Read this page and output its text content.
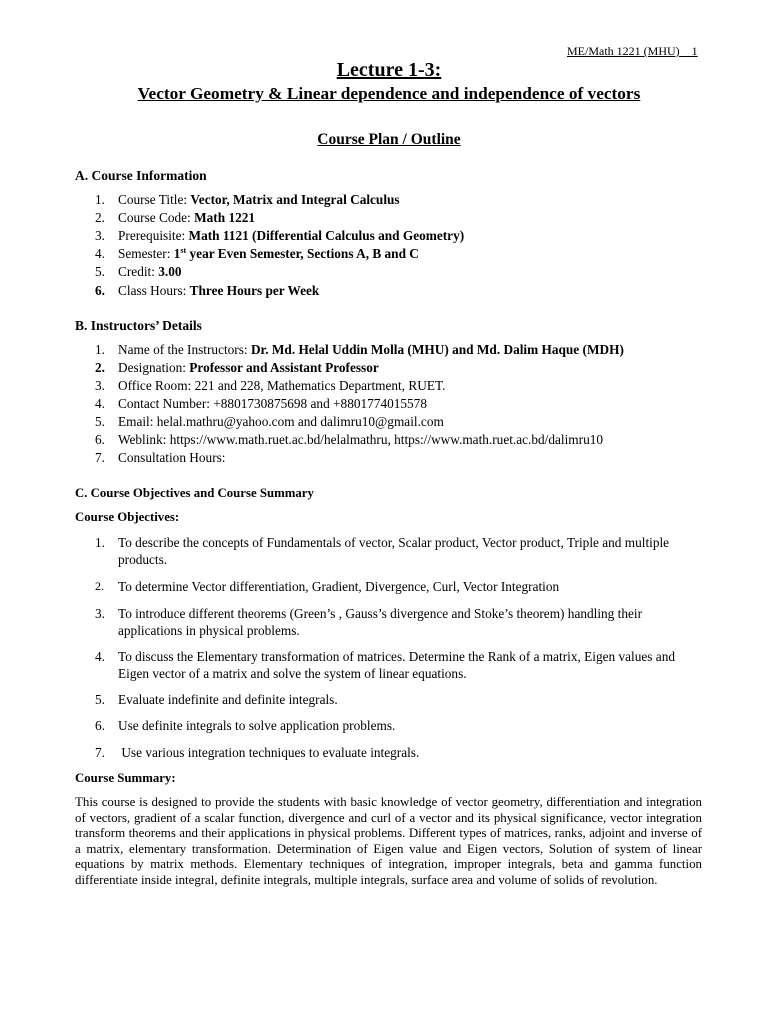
ME/Math 1221 (MHU)    1
Lecture 1-3:
Vector Geometry & Linear dependence and independence of vectors
Course Plan / Outline
A. Course Information
1. Course Title: Vector, Matrix and Integral Calculus
2. Course Code: Math 1221
3. Prerequisite: Math 1121 (Differential Calculus and Geometry)
4. Semester: 1st year Even Semester, Sections A, B and C
5. Credit: 3.00
6. Class Hours: Three Hours per Week
B. Instructors’ Details
1. Name of the Instructors: Dr. Md. Helal Uddin Molla (MHU) and Md. Dalim Haque (MDH)
2. Designation: Professor and Assistant Professor
3. Office Room: 221 and 228, Mathematics Department, RUET.
4. Contact Number: +8801730875698 and +8801774015578
5. Email: helal.mathru@yahoo.com and dalimru10@gmail.com
6. Weblink: https://www.math.ruet.ac.bd/helalmathru, https://www.math.ruet.ac.bd/dalimru10
7. Consultation Hours:
C. Course Objectives and Course Summary
Course Objectives:
1. To describe the concepts of Fundamentals of vector, Scalar product, Vector product, Triple and multiple products.
2. To determine Vector differentiation, Gradient, Divergence, Curl, Vector Integration
3. To introduce different theorems (Green’s , Gauss’s divergence and Stoke’s theorem) handling their applications in physical problems.
4. To discuss the Elementary transformation of matrices. Determine the Rank of a matrix, Eigen values and Eigen vector of a matrix and solve the system of linear equations.
5. Evaluate indefinite and definite integrals.
6. Use definite integrals to solve application problems.
7. Use various integration techniques to evaluate integrals.
Course Summary:
This course is designed to provide the students with basic knowledge of vector geometry, differentiation and integration of vectors, gradient of a scalar function, divergence and curl of a vector and its physical significance, vector integration transform theorems and their applications in physical problems. Different types of matrices, ranks, adjoint and inverse of a matrix, elementary transformation. Determination of Eigen value and Eigen vectors, Solution of system of linear equations by matrix methods. Elementary techniques of integration, improper integrals, beta and gamma function differentiate inside integral, definite integrals, multiple integrals, surface area and volume of solids of revolution.
